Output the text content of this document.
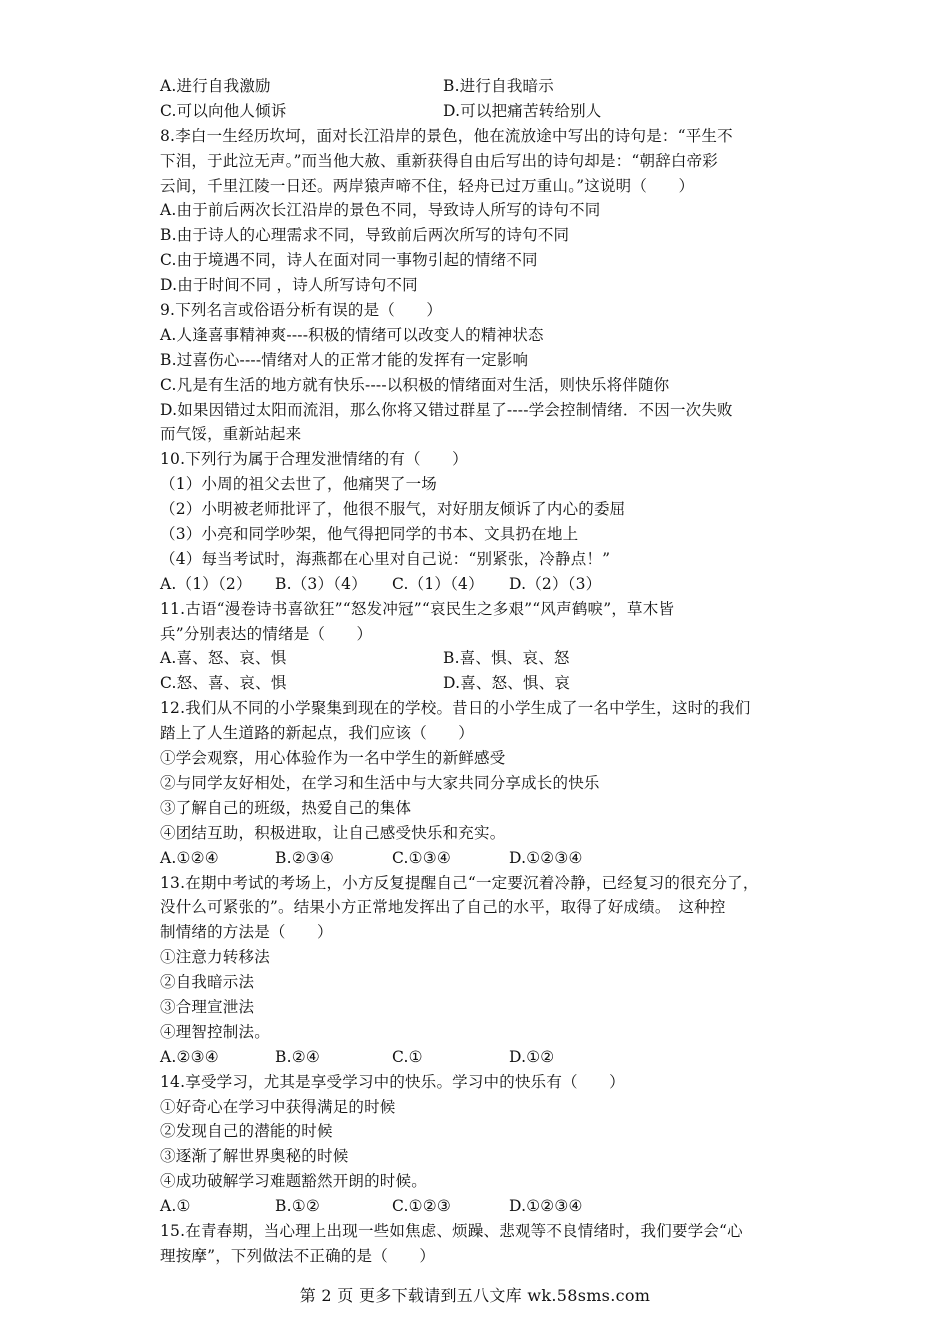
A.进行自我激励	B.进行自我暗示
C.可以向他人倾诉	D.可以把痛苦转给别人
8.李白一生经历坎坷，面对长江沿岸的景色，他在流放途中写出的诗句是：“平生不
下泪，于此泣无声。”而当他大赦、重新获得自由后写出的诗句却是：“朝辞白帝彩
云间，千里江陵一日还。两岸猿声啼不住，轻舟已过万重山。”这说明（　　）
A.由于前后两次长江沿岸的景色不同，导致诗人所写的诗句不同
B.由于诗人的心理需求不同，导致前后两次所写的诗句不同
C.由于境遇不同，诗人在面对同一事物引起的情绪不同
D.由于时间不同 ，诗人所写诗句不同
9.下列名言或俗语分析有误的是（　　）
A.人逢喜事精神爽----积极的情绪可以改变人的精神状态
B.过喜伤心----情绪对人的正常才能的发挥有一定影响
C.凡是有生活的地方就有快乐----以积极的情绪面对生活，则快乐将伴随你
D.如果因错过太阳而流泪，那么你将又错过群星了----学会控制情绪．不因一次失败
而气馁，重新站起来
10.下列行为属于合理发泄情绪的有（　　）
（1）小周的祖父去世了，他痛哭了一场
（2）小明被老师批评了，他很不服气，对好朋友倾诉了内心的委屈
（3）小亮和同学吵架，他气得把同学的书本、文具扔在地上
（4）每当考试时，海燕都在心里对自己说：“别紧张，冷静点！”
A.（1）（2） B.（3）（4） C.（1）（4） D.（2）（3）
11.古语“漫卷诗书喜欲狂”“怒发冲冠”“哀民生之多艰”“风声鹤唳”，草木皆
兵”分别表达的情绪是（　　）
A.喜、怒、哀、惧	B.喜、惧、哀、怒
C.怒、喜、哀、惧	D.喜、怒、惧、哀
12.我们从不同的小学聚集到现在的学校。昔日的小学生成了一名中学生，这时的我们
踏上了人生道路的新起点，我们应该（　　）
①学会观察，用心体验作为一名中学生的新鲜感受
②与同学友好相处，在学习和生活中与大家共同分享成长的快乐
③了解自己的班级，热爱自己的集体
④团结互助，积极进取，让自己感受快乐和充实。
A.①②④	B.②③④	C.①③④	D.①②③④
13.在期中考试的考场上，小方反复提醒自己“一定要沉着冷静，已经复习的很充分了，
没什么可紧张的”。结果小方正常地发挥出了自己的水平，取得了好成绩。　这种控
制情绪的方法是（　　）
①注意力转移法
②自我暗示法
③合理宣泄法
④理智控制法。
A.②③④	B.②④	C.①	D.①②
14.享受学习，尤其是享受学习中的快乐。学习中的快乐有（　　）
①好奇心在学习中获得满足的时候
②发现自己的潜能的时候
③逐渐了解世界奥秘的时候
④成功破解学习难题豁然开朗的时候。
A.①	B.①②	C.①②③	D.①②③④
15.在青春期，当心理上出现一些如焦虑、烦躁、悲观等不良情绪时，我们要学会“心
理按摩”，下列做法不正确的是（　　）
第 2 页 更多下载请到五八文库 wk.58sms.com
